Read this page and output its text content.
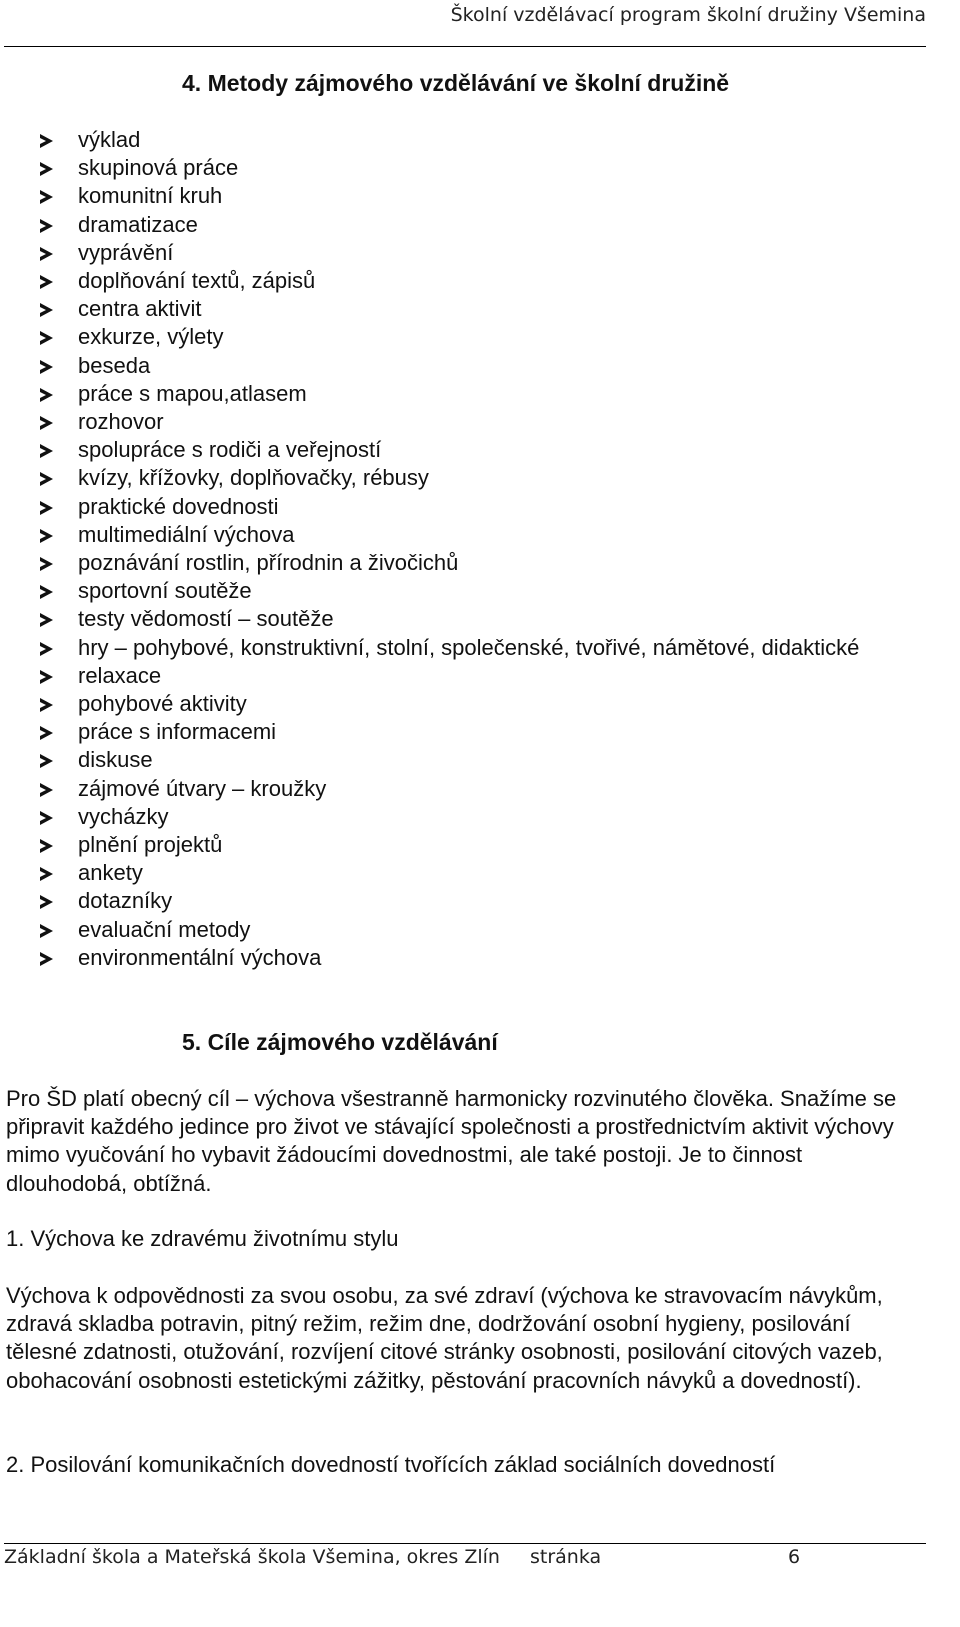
Školní vzdělávací program školní družiny Všemina
4. Metody zájmového vzdělávání ve školní družině
výklad
skupinová práce
komunitní kruh
dramatizace
vyprávění
doplňování textů, zápisů
centra aktivit
exkurze, výlety
beseda
práce s mapou,atlasem
rozhovor
spolupráce s rodiči a veřejností
kvízy, křížovky, doplňovačky, rébusy
praktické dovednosti
multimediální výchova
poznávání rostlin, přírodnin a živočichů
sportovní soutěže
testy vědomostí – soutěže
hry – pohybové, konstruktivní, stolní, společenské, tvořivé, námětové, didaktické
relaxace
pohybové aktivity
práce s informacemi
diskuse
zájmové útvary – kroužky
vycházky
plnění projektů
ankety
dotazníky
evaluační metody
environmentální výchova
5. Cíle zájmového vzdělávání

Pro ŠD platí obecný cíl – výchova všestranně harmonicky rozvinutého člověka. Snažíme se připravit každého jedince pro život ve stávající společnosti a prostřednictvím aktivit výchovy mimo vyučování ho vybavit žádoucími dovednostmi, ale také postoji. Je to činnost dlouhodobá, obtížná.

1. Výchova ke zdravému životnímu stylu

Výchova k odpovědnosti za svou osobu, za své zdraví (výchova ke stravovacím návykům, zdravá skladba potravin, pitný režim, režim dne, dodržování osobní hygieny, posilování tělesné zdatnosti, otužování, rozvíjení citové stránky osobnosti, posilování citových vazeb, obohacování osobnosti estetickými zážitky, pěstování pracovních návyků a dovedností).

2. Posilování komunikačních dovedností tvořících základ sociálních dovedností

Základní škola a Mateřská škola Všemina, okres Zlín stránka	6
